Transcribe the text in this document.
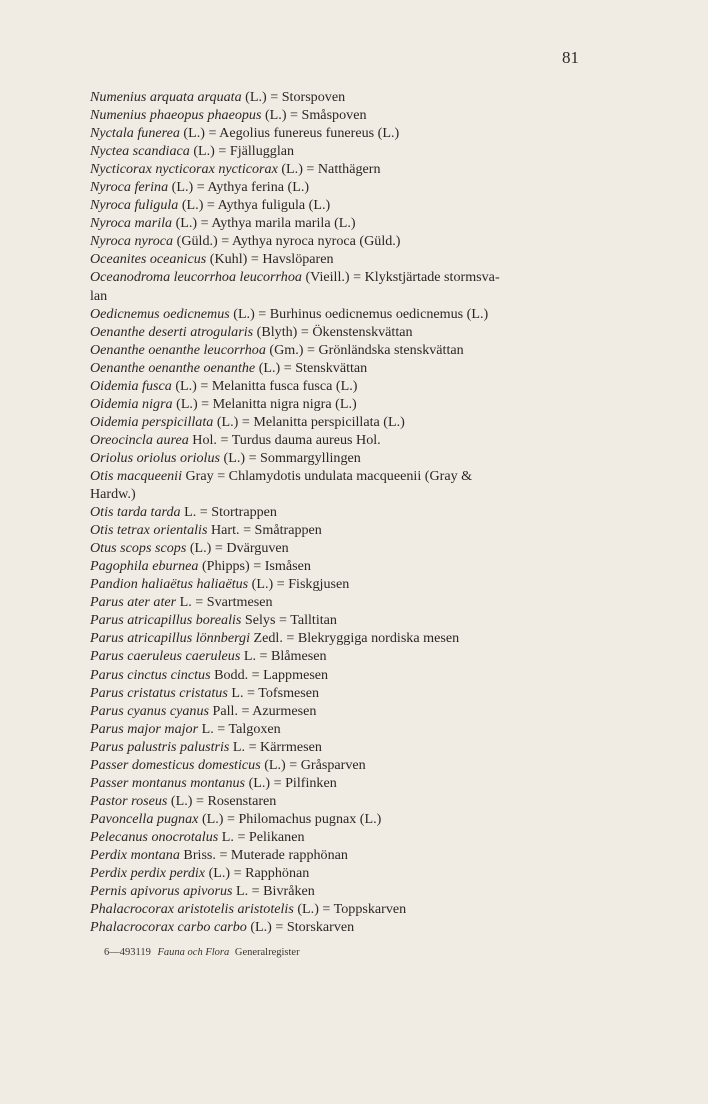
81
Numenius arquata arquata (L.) = Storspoven
Numenius phaeopus phaeopus (L.) = Småspoven
Nyctala funerea (L.) = Aegolius funereus funereus (L.)
Nyctea scandiaca (L.) = Fjällugglan
Nycticorax nycticorax nycticorax (L.) = Natthägern
Nyroca ferina (L.) = Aythya ferina (L.)
Nyroca fuligula (L.) = Aythya fuligula (L.)
Nyroca marila (L.) = Aythya marila marila (L.)
Nyroca nyroca (Güld.) = Aythya nyroca nyroca (Güld.)
Oceanites oceanicus (Kuhl) = Havslöparen
Oceanodroma leucorrhoa leucorrhoa (Vieill.) = Klykstjärtade stormsva-
lan
Oedicnemus oedicnemus (L.) = Burhinus oedicnemus oedicnemus (L.)
Oenanthe deserti atrogularis (Blyth) = Ökenstenskvättan
Oenanthe oenanthe leucorrhoa (Gm.) = Grönländska stenskvättan
Oenanthe oenanthe oenanthe (L.) = Stenskvättan
Oidemia fusca (L.) = Melanitta fusca fusca (L.)
Oidemia nigra (L.) = Melanitta nigra nigra (L.)
Oidemia perspicillata (L.) = Melanitta perspicillata (L.)
Oreocincla aurea Hol. = Turdus dauma aureus Hol.
Oriolus oriolus oriolus (L.) = Sommargyllingen
Otis macqueenii Gray = Chlamydotis undulata macqueenii (Gray &
Hardw.)
Otis tarda tarda L. = Stortrappen
Otis tetrax orientalis Hart. = Småtrappen
Otus scops scops (L.) = Dvärguven
Pagophila eburnea (Phipps) = Ismåsen
Pandion haliaëtus haliaëtus (L.) = Fiskgjusen
Parus ater ater L. = Svartmesen
Parus atricapillus borealis Selys = Talltitan
Parus atricapillus lönnbergi Zedl. = Blekryggiga nordiska mesen
Parus caeruleus caeruleus L. = Blåmesen
Parus cinctus cinctus Bodd. = Lappmesen
Parus cristatus cristatus L. = Tofsmesen
Parus cyanus cyanus Pall. = Azurmesen
Parus major major L. = Talgoxen
Parus palustris palustris L. = Kärrmesen
Passer domesticus domesticus (L.) = Gråsparven
Passer montanus montanus (L.) = Pilfinken
Pastor roseus (L.) = Rosenstaren
Pavoncella pugnax (L.) = Philomachus pugnax (L.)
Pelecanus onocrotalus L. = Pelikanen
Perdix montana Briss. = Muterade rapphönan
Perdix perdix perdix (L.) = Rapphönan
Pernis apivorus apivorus L. = Bivråken
Phalacrocorax aristotelis aristotelis (L.) = Toppskarven
Phalacrocorax carbo carbo (L.) = Storskarven
6—493119 Fauna och Flora Generalregister
